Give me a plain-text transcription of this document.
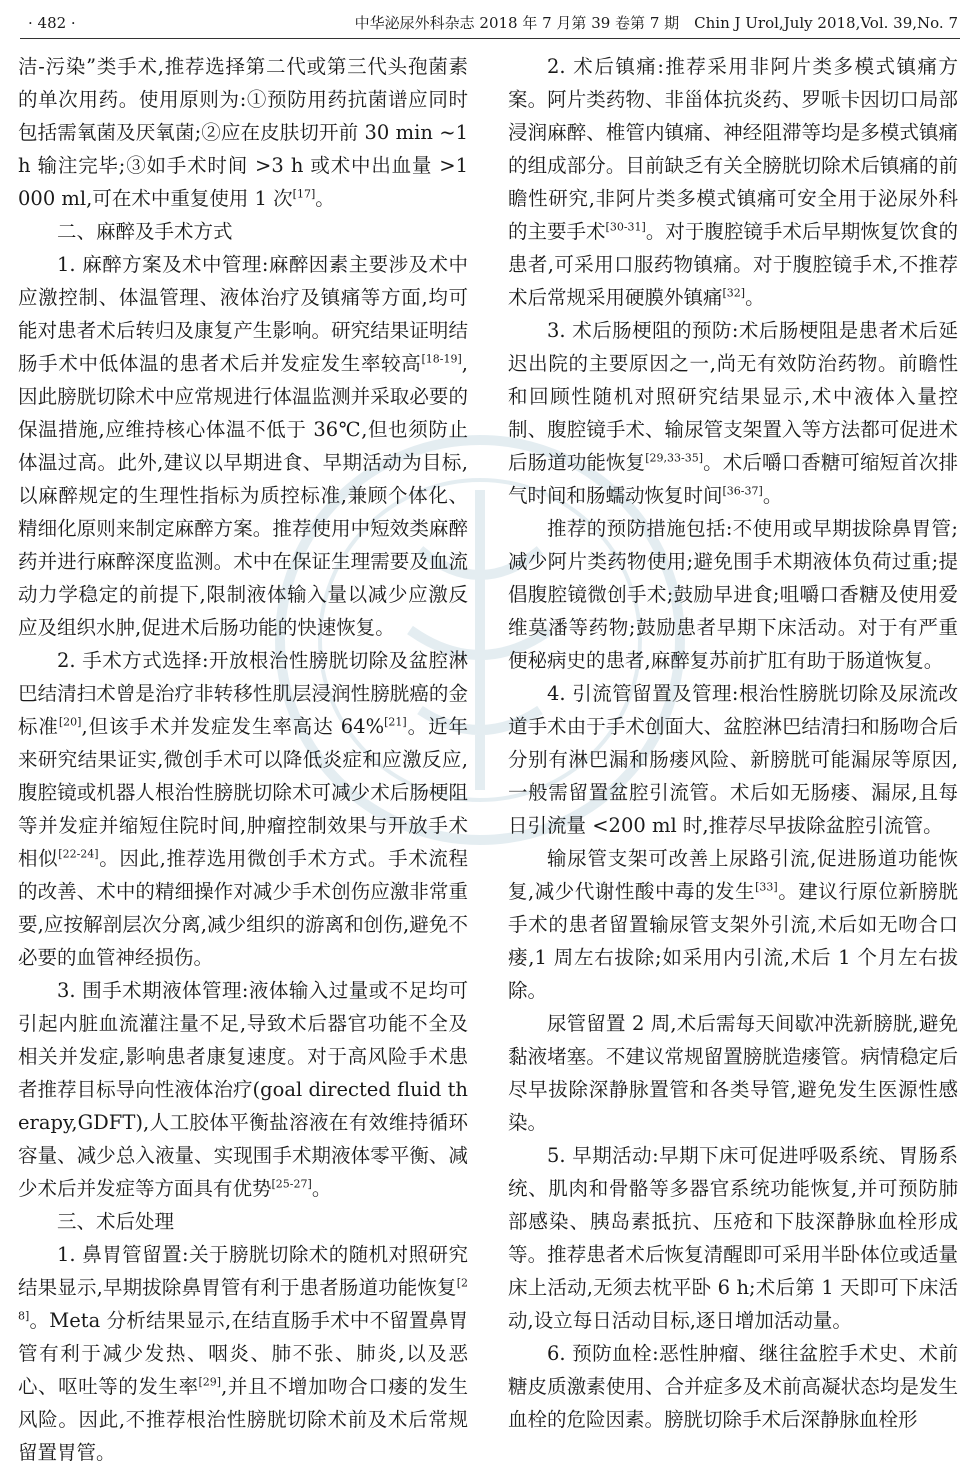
· 482 ·	中华泌尿外科杂志 2018 年 7 月第 39 卷第 7 期　Chin J Urol,July 2018,Vol. 39,No. 7

洁-污染”类手术,推荐选择第二代或第三代头孢菌素的单次用药。使用原则为:①预防用药抗菌谱应同时包括需氧菌及厌氧菌;②应在皮肤切开前 30 min ~1 h 输注完毕;③如手术时间 >3 h 或术中出血量 >1 000 ml,可在术中重复使用 1 次[17]。

二、麻醉及手术方式

1. 麻醉方案及术中管理:麻醉因素主要涉及术中应激控制、体温管理、液体治疗及镇痛等方面,均可能对患者术后转归及康复产生影响。研究结果证明结肠手术中低体温的患者术后并发症发生率较高[18-19],因此膀胱切除术中应常规进行体温监测并采取必要的保温措施,应维持核心体温不低于 36℃,但也须防止体温过高。此外,建议以早期进食、早期活动为目标,以麻醉规定的生理性指标为质控标准,兼顾个体化、精细化原则来制定麻醉方案。推荐使用中短效类麻醉药并进行麻醉深度监测。术中在保证生理需要及血流动力学稳定的前提下,限制液体输入量以减少应激反应及组织水肿,促进术后肠功能的快速恢复。

2. 手术方式选择:开放根治性膀胱切除及盆腔淋巴结清扫术曾是治疗非转移性肌层浸润性膀胱癌的金标准[20],但该手术并发症发生率高达 64%[21]。近年来研究结果证实,微创手术可以降低炎症和应激反应,腹腔镜或机器人根治性膀胱切除术可减少术后肠梗阻等并发症并缩短住院时间,肿瘤控制效果与开放手术相似[22-24]。因此,推荐选用微创手术方式。手术流程的改善、术中的精细操作对减少手术创伤应激非常重要,应按解剖层次分离,减少组织的游离和创伤,避免不必要的血管神经损伤。

3. 围手术期液体管理:液体输入过量或不足均可引起内脏血流灌注量不足,导致术后器官功能不全及相关并发症,影响患者康复速度。对于高风险手术患者推荐目标导向性液体治疗(goal directed fluid therapy,GDFT),人工胶体平衡盐溶液在有效维持循环容量、减少总入液量、实现围手术期液体零平衡、减少术后并发症等方面具有优势[25-27]。

三、术后处理

1. 鼻胃管留置:关于膀胱切除术的随机对照研究结果显示,早期拔除鼻胃管有利于患者肠道功能恢复[28]。Meta 分析结果显示,在结直肠手术中不留置鼻胃管有利于减少发热、咽炎、肺不张、肺炎,以及恶心、呕吐等的发生率[29],并且不增加吻合口瘘的发生风险。因此,不推荐根治性膀胱切除术前及术后常规留置胃管。

2. 术后镇痛:推荐采用非阿片类多模式镇痛方案。阿片类药物、非甾体抗炎药、罗哌卡因切口局部浸润麻醉、椎管内镇痛、神经阻滞等均是多模式镇痛的组成部分。目前缺乏有关全膀胱切除术后镇痛的前瞻性研究,非阿片类多模式镇痛可安全用于泌尿外科的主要手术[30-31]。对于腹腔镜手术后早期恢复饮食的患者,可采用口服药物镇痛。对于腹腔镜手术,不推荐术后常规采用硬膜外镇痛[32]。

3. 术后肠梗阻的预防:术后肠梗阻是患者术后延迟出院的主要原因之一,尚无有效防治药物。前瞻性和回顾性随机对照研究结果显示,术中液体入量控制、腹腔镜手术、输尿管支架置入等方法都可促进术后肠道功能恢复[29,33-35]。术后嚼口香糖可缩短首次排气时间和肠蠕动恢复时间[36-37]。

推荐的预防措施包括:不使用或早期拔除鼻胃管;减少阿片类药物使用;避免围手术期液体负荷过重;提倡腹腔镜微创手术;鼓励早进食;咀嚼口香糖及使用爱维莫潘等药物;鼓励患者早期下床活动。对于有严重便秘病史的患者,麻醉复苏前扩肛有助于肠道恢复。

4. 引流管留置及管理:根治性膀胱切除及尿流改道手术由于手术创面大、盆腔淋巴结清扫和肠吻合后分别有淋巴漏和肠瘘风险、新膀胱可能漏尿等原因,一般需留置盆腔引流管。术后如无肠瘘、漏尿,且每日引流量 <200 ml 时,推荐尽早拔除盆腔引流管。

输尿管支架可改善上尿路引流,促进肠道功能恢复,减少代谢性酸中毒的发生[33]。建议行原位新膀胱手术的患者留置输尿管支架外引流,术后如无吻合口瘘,1 周左右拔除;如采用内引流,术后 1 个月左右拔除。

尿管留置 2 周,术后需每天间歇冲洗新膀胱,避免黏液堵塞。不建议常规留置膀胱造瘘管。病情稳定后尽早拔除深静脉置管和各类导管,避免发生医源性感染。

5. 早期活动:早期下床可促进呼吸系统、胃肠系统、肌肉和骨骼等多器官系统功能恢复,并可预防肺部感染、胰岛素抵抗、压疮和下肢深静脉血栓形成等。推荐患者术后恢复清醒即可采用半卧体位或适量床上活动,无须去枕平卧 6 h;术后第 1 天即可下床活动,设立每日活动目标,逐日增加活动量。

6. 预防血栓:恶性肿瘤、继往盆腔手术史、术前糖皮质激素使用、合并症多及术前高凝状态均是发生血栓的危险因素。膀胱切除手术后深静脉血栓形
